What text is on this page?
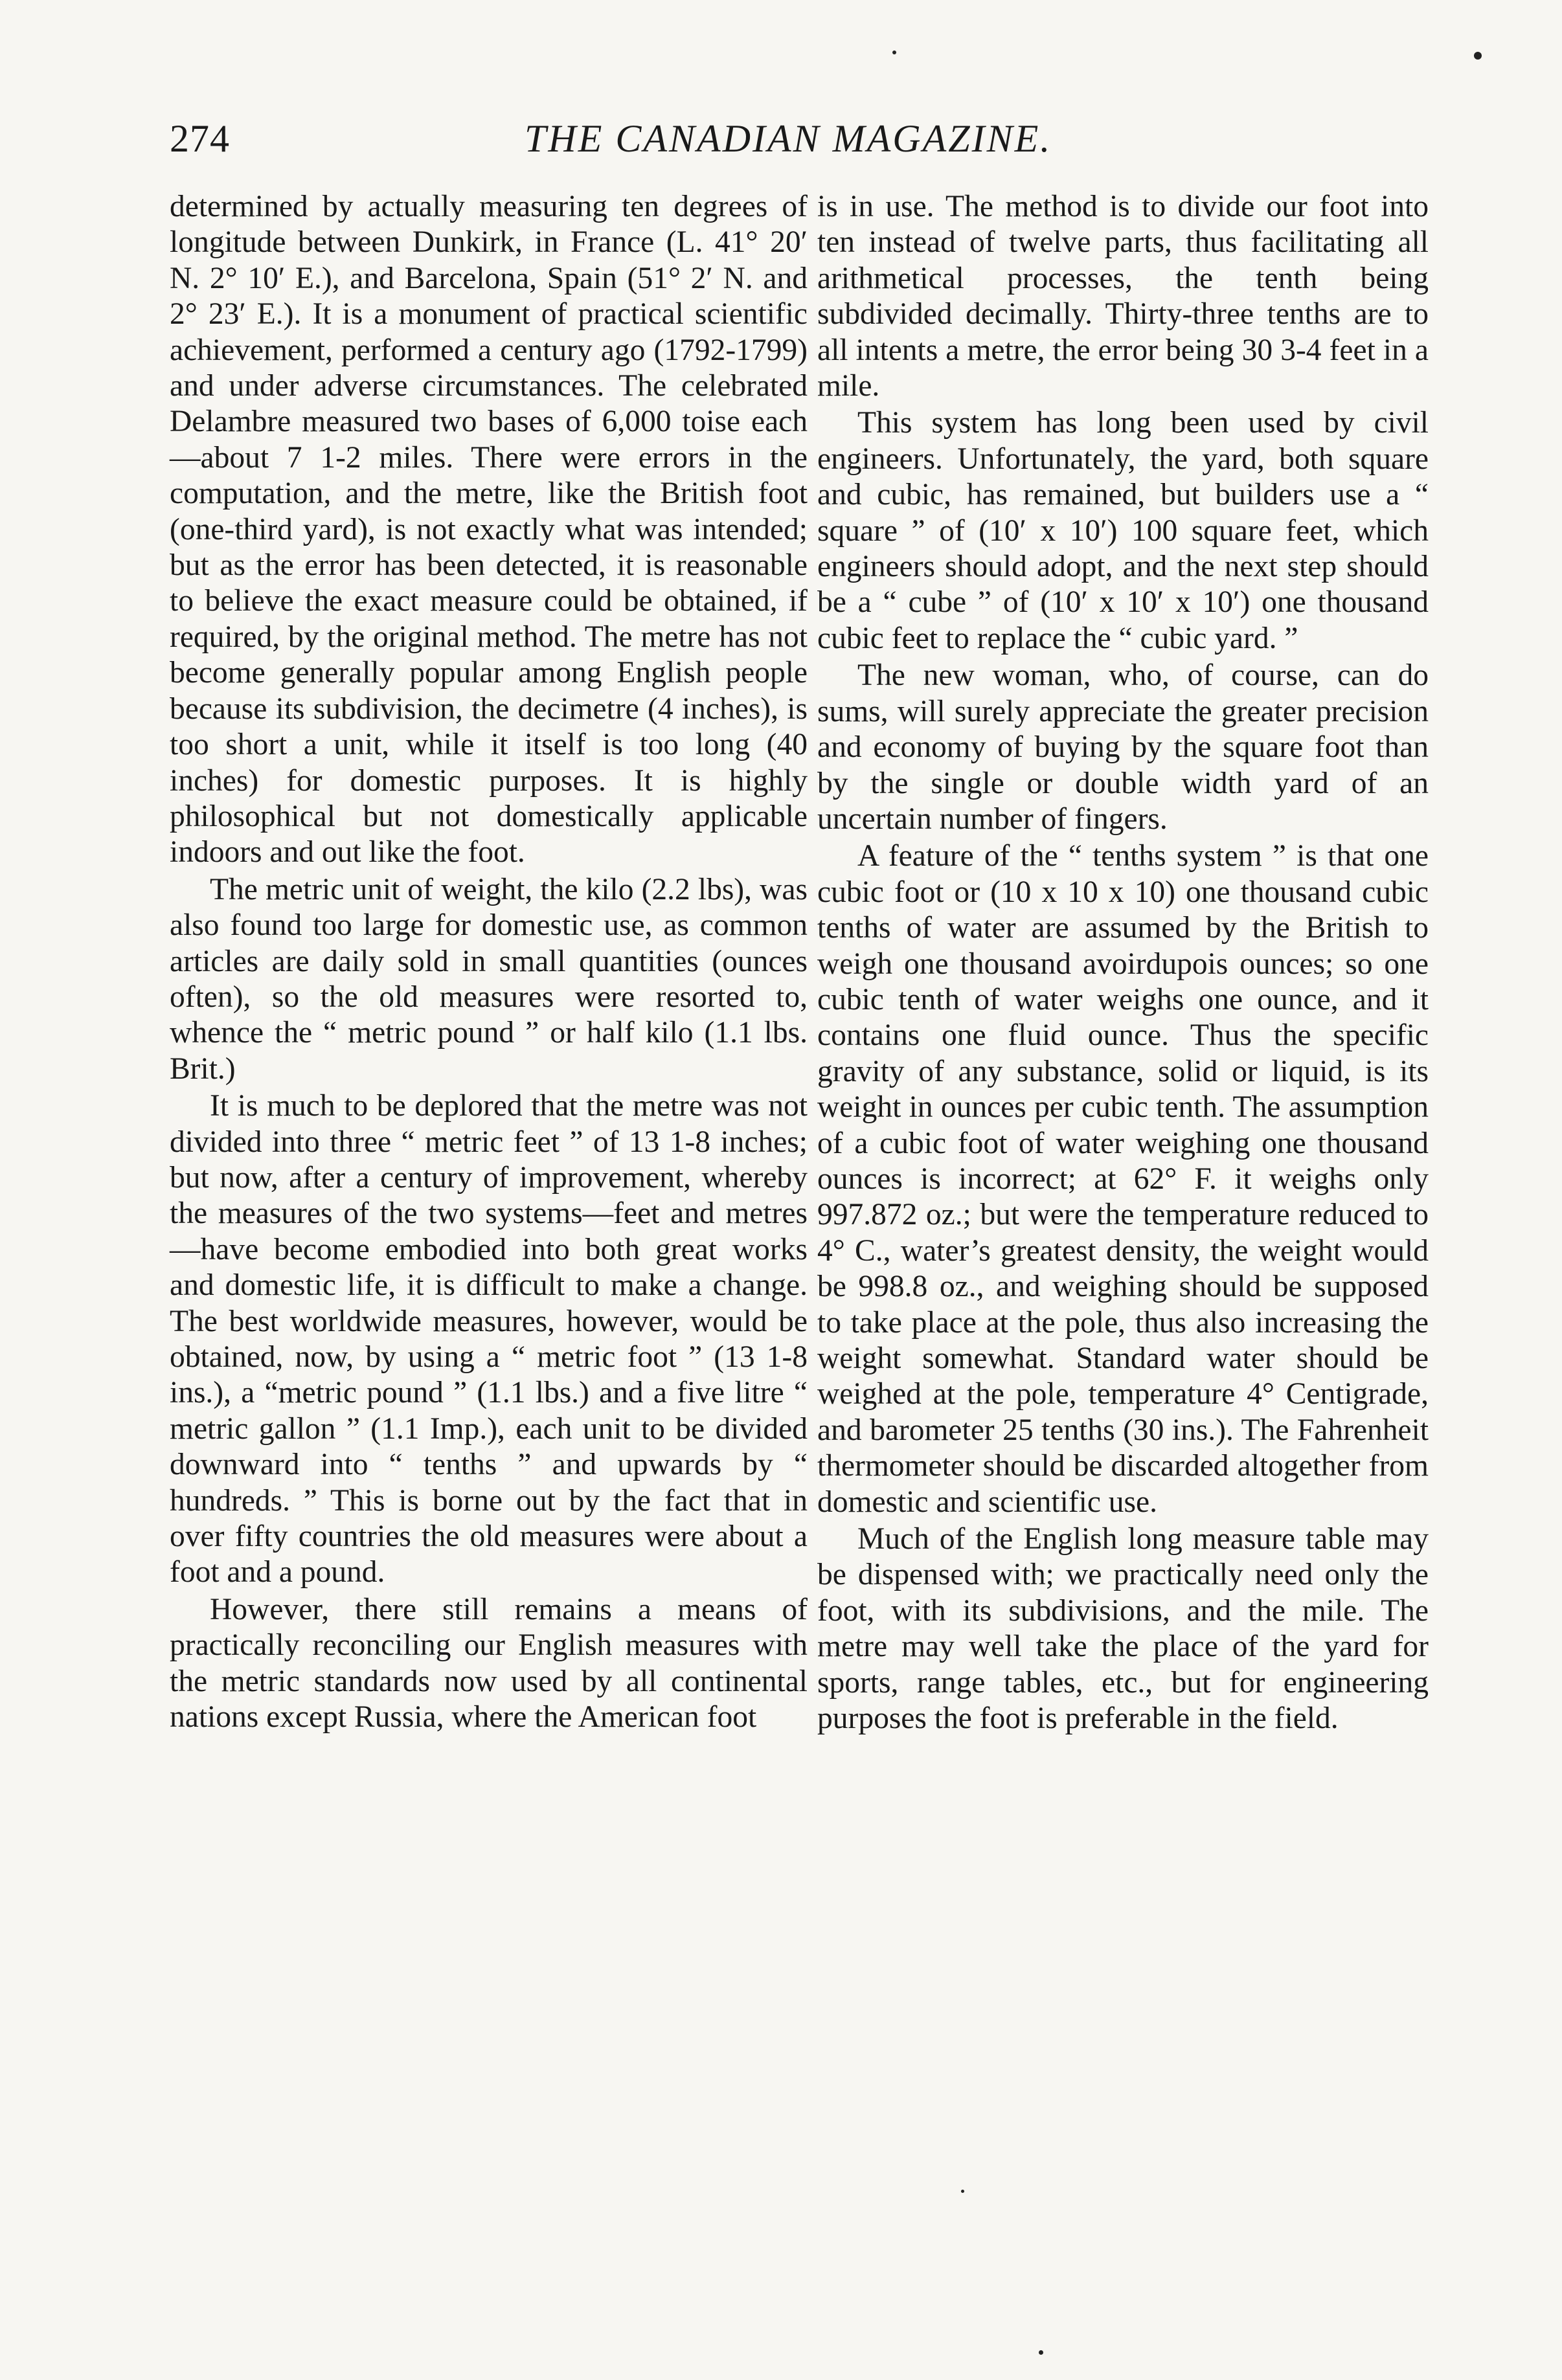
274	THE CANADIAN MAGAZINE.

determined by actually measuring ten degrees of longitude between Dunkirk, in France (L. 41° 20′ N. 2° 10′ E.), and Barcelona, Spain (51° 2′ N. and 2° 23′ E.). It is a monument of practical scientific achievement, performed a century ago (1792-1799) and under adverse circumstances. The celebrated Delambre measured two bases of 6,000 toise each—about 7 1-2 miles. There were errors in the computation, and the metre, like the British foot (one-third yard), is not exactly what was intended; but as the error has been detected, it is reasonable to believe the exact measure could be obtained, if required, by the original method. The metre has not become generally popular among English people because its subdivision, the decimetre (4 inches), is too short a unit, while it itself is too long (40 inches) for domestic purposes. It is highly philosophical but not domestically applicable indoors and out like the foot.

The metric unit of weight, the kilo (2.2 lbs), was also found too large for domestic use, as common articles are daily sold in small quantities (ounces often), so the old measures were resorted to, whence the “ metric pound ” or half kilo (1.1 lbs. Brit.)

It is much to be deplored that the metre was not divided into three “ metric feet ” of 13 1-8 inches; but now, after a century of improvement, whereby the measures of the two systems—feet and metres—have become embodied into both great works and domestic life, it is difficult to make a change. The best worldwide measures, however, would be obtained, now, by using a “ metric foot ” (13 1-8 ins.), a “metric pound ” (1.1 lbs.) and a five litre “ metric gallon ” (1.1 Imp.), each unit to be divided downward into “ tenths ” and upwards by “ hundreds. ” This is borne out by the fact that in over fifty countries the old measures were about a foot and a pound.

However, there still remains a means of practically reconciling our English measures with the metric standards now used by all continental nations except Russia, where the American foot

is in use. The method is to divide our foot into ten instead of twelve parts, thus facilitating all arithmetical processes, the tenth being subdivided decimally. Thirty-three tenths are to all intents a metre, the error being 30 3-4 feet in a mile.

This system has long been used by civil engineers. Unfortunately, the yard, both square and cubic, has remained, but builders use a “ square ” of (10′ x 10′) 100 square feet, which engineers should adopt, and the next step should be a “ cube ” of (10′ x 10′ x 10′) one thousand cubic feet to replace the “ cubic yard. ”

The new woman, who, of course, can do sums, will surely appreciate the greater precision and economy of buying by the square foot than by the single or double width yard of an uncertain number of fingers.

A feature of the “ tenths system ” is that one cubic foot or (10 x 10 x 10) one thousand cubic tenths of water are assumed by the British to weigh one thousand avoirdupois ounces; so one cubic tenth of water weighs one ounce, and it contains one fluid ounce. Thus the specific gravity of any substance, solid or liquid, is its weight in ounces per cubic tenth. The assumption of a cubic foot of water weighing one thousand ounces is incorrect; at 62° F. it weighs only 997.872 oz.; but were the temperature reduced to 4° C., water’s greatest density, the weight would be 998.8 oz., and weighing should be supposed to take place at the pole, thus also increasing the weight somewhat. Standard water should be weighed at the pole, temperature 4° Centigrade, and barometer 25 tenths (30 ins.). The Fahrenheit thermometer should be discarded altogether from domestic and scientific use.

Much of the English long measure table may be dispensed with; we practically need only the foot, with its subdivisions, and the mile. The metre may well take the place of the yard for sports, range tables, etc., but for engineering purposes the foot is preferable in the field.
